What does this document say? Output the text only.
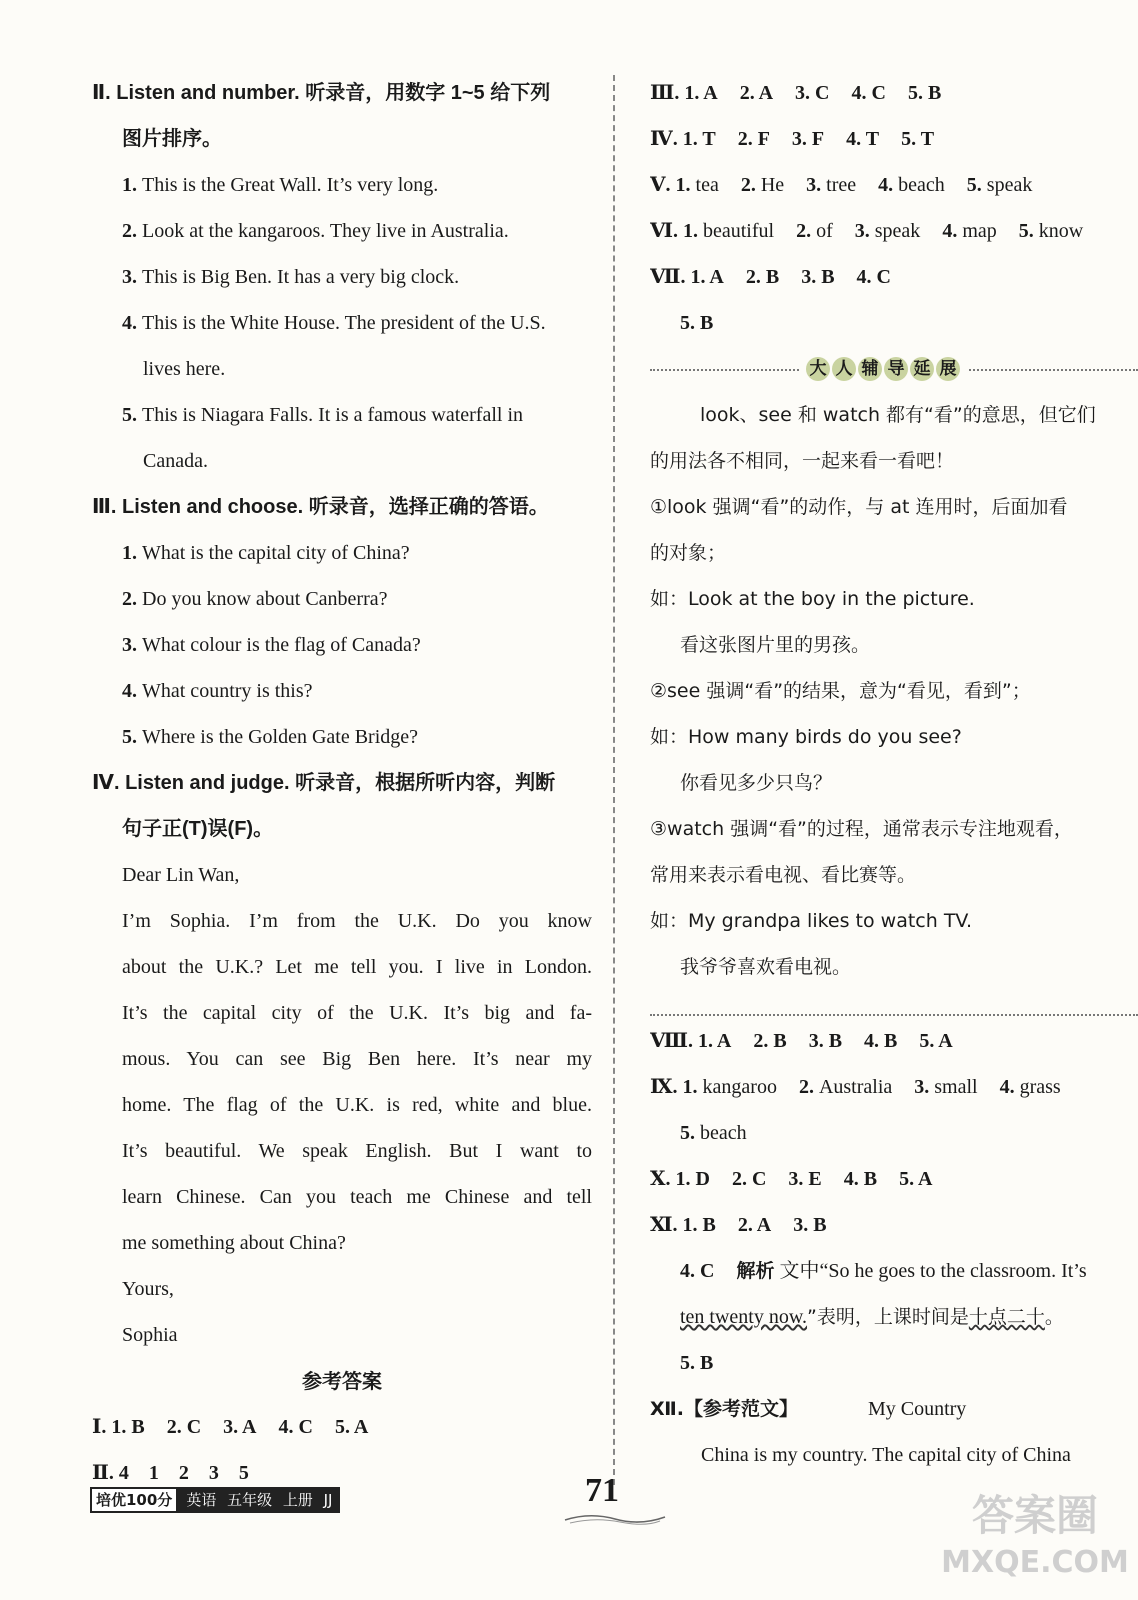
Ⅱ. Listen and number. 听录音，用数字 1~5 给下列
图片排序。
1. This is the Great Wall. It’s very long.
2. Look at the kangaroos. They live in Australia.
3. This is Big Ben. It has a very big clock.
4. This is the White House. The president of the U.S.
lives here.
5. This is Niagara Falls. It is a famous waterfall in
Canada.
Ⅲ. Listen and choose. 听录音，选择正确的答语。
1. What is the capital city of China?
2. Do you know about Canberra?
3. What colour is the flag of Canada?
4. What country is this?
5. Where is the Golden Gate Bridge?
Ⅳ. Listen and judge. 听录音，根据所听内容，判断
句子正(T)误(F)。
Dear Lin Wan,
I’m Sophia. I’m from the U.K. Do you know
about the U.K.? Let me tell you. I live in London.
It’s the capital city of the U.K. It’s big and fa-
mous. You can see Big Ben here. It’s near my
home. The flag of the U.K. is red, white and blue.
It’s beautiful. We speak English. But I want to
learn Chinese. Can you teach me Chinese and tell
me something about China?
Yours,
Sophia
参考答案
Ⅰ. 1. B 2. C 3. A 4. C 5. A
Ⅱ. 4　1　2　3　5
Ⅲ. 1. A 2. A 3. C 4. C 5. B
Ⅳ. 1. T 2. F 3. F 4. T 5. T
Ⅴ. 1. tea 2. He 3. tree 4. beach 5. speak
Ⅵ. 1. beautiful 2. of 3. speak 4. map 5. know
Ⅶ. 1. A 2. B 3. B 4. C
5. B
大 人 辅 导 延 展
look、see 和 watch 都有“看”的意思，但它们
的用法各不相同，一起来看一看吧！
①look 强调“看”的动作，与 at 连用时，后面加看
的对象；
如：Look at the boy in the picture.
看这张图片里的男孩。
②see 强调“看”的结果，意为“看见，看到”；
如：How many birds do you see?
你看见多少只鸟？
③watch 强调“看”的过程，通常表示专注地观看，
常用来表示看电视、看比赛等。
如：My grandpa likes to watch TV.
我爷爷喜欢看电视。
Ⅷ. 1. A 2. B 3. B 4. B 5. A
Ⅸ. 1. kangaroo 2. Australia 3. small 4. grass
5. beach
Ⅹ. 1. D 2. C 3. E 4. B 5. A
Ⅺ. 1. B 2. A 3. B
4. C 解析 文中“So he goes to the classroom. It’s
ten twenty now.”表明，上课时间是十点二十。
5. B
Ⅻ.【参考范文】	My Country
China is my country. The capital city of China
培优100分 英语 五年级 上册 JJ	71
答案圈
MXQE.COM
